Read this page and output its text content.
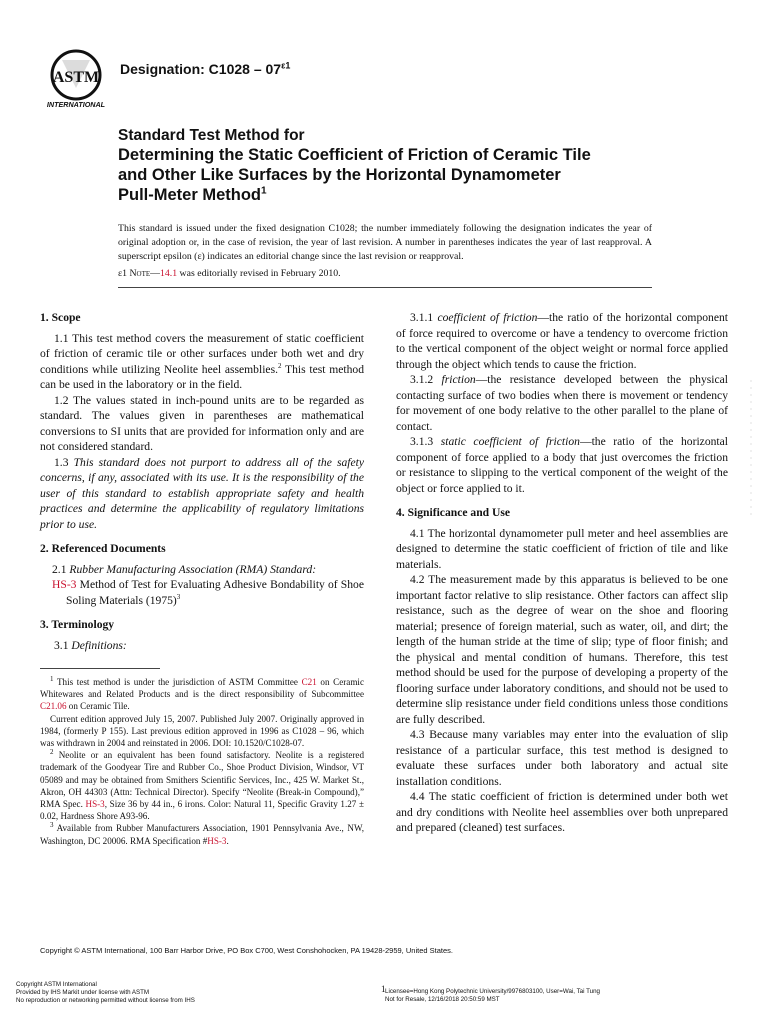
ASTM
INTERNATIONAL
Designation: $C1028 - 07^{\varepsilon 1}$
Standard Test Method for
Determining the Static Coefficient of Friction of Ceramic Tile
and Other Like Surfaces by the Horizontal Dynamometer
Pull-Meter Method$^1$
This standard is issued under the fixed designation C1028; the number immediately following the designation indicates the year of original adoption or, in the case of revision, the year of last revision. A number in parentheses indicates the year of last reapproval. A superscript epsilon (ε) indicates an editorial change since the last revision or reapproval.
ε1 Note—14.1 was editorially revised in February 2010.
1. Scope

1.1 This test method covers the measurement of static coefficient of friction of ceramic tile or other surfaces under both wet and dry conditions while utilizing Neolite heel assemblies.$^2$ This test method can be used in the laboratory or in the field.

1.2 The values stated in inch-pound units are to be regarded as standard. The values given in parentheses are mathematical conversions to SI units that are provided for information only and are not considered standard.

1.3 This standard does not purport to address all of the safety concerns, if any, associated with its use. It is the responsibility of the user of this standard to establish appropriate safety and health practices and determine the applicability of regulatory limitations prior to use.

2. Referenced Documents

2.1 Rubber Manufacturing Association (RMA) Standard:

HS-3 Method of Test for Evaluating Adhesive Bondability of Shoe Soling Materials $(1975)^3$

3. Terminology

3.1 Definitions:

$^1$ This test method is under the jurisdiction of ASTM Committee C21 on Ceramic Whitewares and Related Products and is the direct responsibility of Subcommittee C21.06 on Ceramic Tile.

Current edition approved July 15, 2007. Published July 2007. Originally approved in 1984, (formerly P 155). Last previous edition approved in 1996 as C1028 – 96, which was withdrawn in 2004 and reinstated in 2006. DOI: 10.1520/C1028-07.

$^2$ Neolite or an equivalent has been found satisfactory. Neolite is a registered trademark of the Goodyear Tire and Rubber Co., Shoe Product Division, Windsor, VT 05089 and may be obtained from Smithers Scientific Services, Inc., 425 W. Market St., Akron, OH 44303 (Attn: Technical Director). Specify “Neolite (Break-in Compound),” RMA Spec. HS-3, Size 36 by 44 in., 6 irons. Color: Natural 11, Specific Gravity 1.27 ± 0.02, Hardness Shore A93-96.

$^3$ Available from Rubber Manufacturers Association, 1901 Pennsylvania Ave., NW, Washington, DC 20006. RMA Specification #HS-3.

3.1.1 coefficient of friction—the ratio of the horizontal component of force required to overcome or have a tendency to overcome friction to the vertical component of the object weight or normal force applied through the object which tends to cause the friction.

3.1.2 friction—the resistance developed between the physical contacting surface of two bodies when there is movement or tendency for movement of one body relative to the other parallel to the plane of contact.

3.1.3 static coefficient of friction—the ratio of the horizontal component of force applied to a body that just overcomes the friction or resistance to slipping to the vertical component of the weight of the object or force applied to it.

4. Significance and Use

4.1 The horizontal dynamometer pull meter and heel assemblies are designed to determine the static coefficient of friction of tile and like materials.

4.2 The measurement made by this apparatus is believed to be one important factor relative to slip resistance. Other factors can affect slip resistance, such as the degree of wear on the shoe and flooring material; presence of foreign material, such as water, oil, and dirt; the length of the human stride at the time of slip; type of floor finish; and the physical and mental condition of humans. Therefore, this test method should be used for the purpose of developing a property of the flooring surface under laboratory conditions, and should not be used to determine slip resistance under field conditions unless those conditions are fully described.

4.3 Because many variables may enter into the evaluation of slip resistance of a particular surface, this test method is designed to evaluate these surfaces under both laboratory and actual site installation conditions.

4.4 The static coefficient of friction is determined under both wet and dry conditions with Neolite heel assemblies over both unprepared and prepared (cleaned) test surfaces.

Copyright © ASTM International, 100 Barr Harbor Drive, PO Box C700, West Conshohocken, PA 19428-2959, United States.
Copyright ASTM International
Provided by IHS Markit under license with ASTM
No reproduction or networking permitted without license from IHS
1 Licensee=Hong Kong Polytechnic University/9976803100, User=Wai, Tai Tung
Not for Resale, 12/16/2018 20:50:59 MST
